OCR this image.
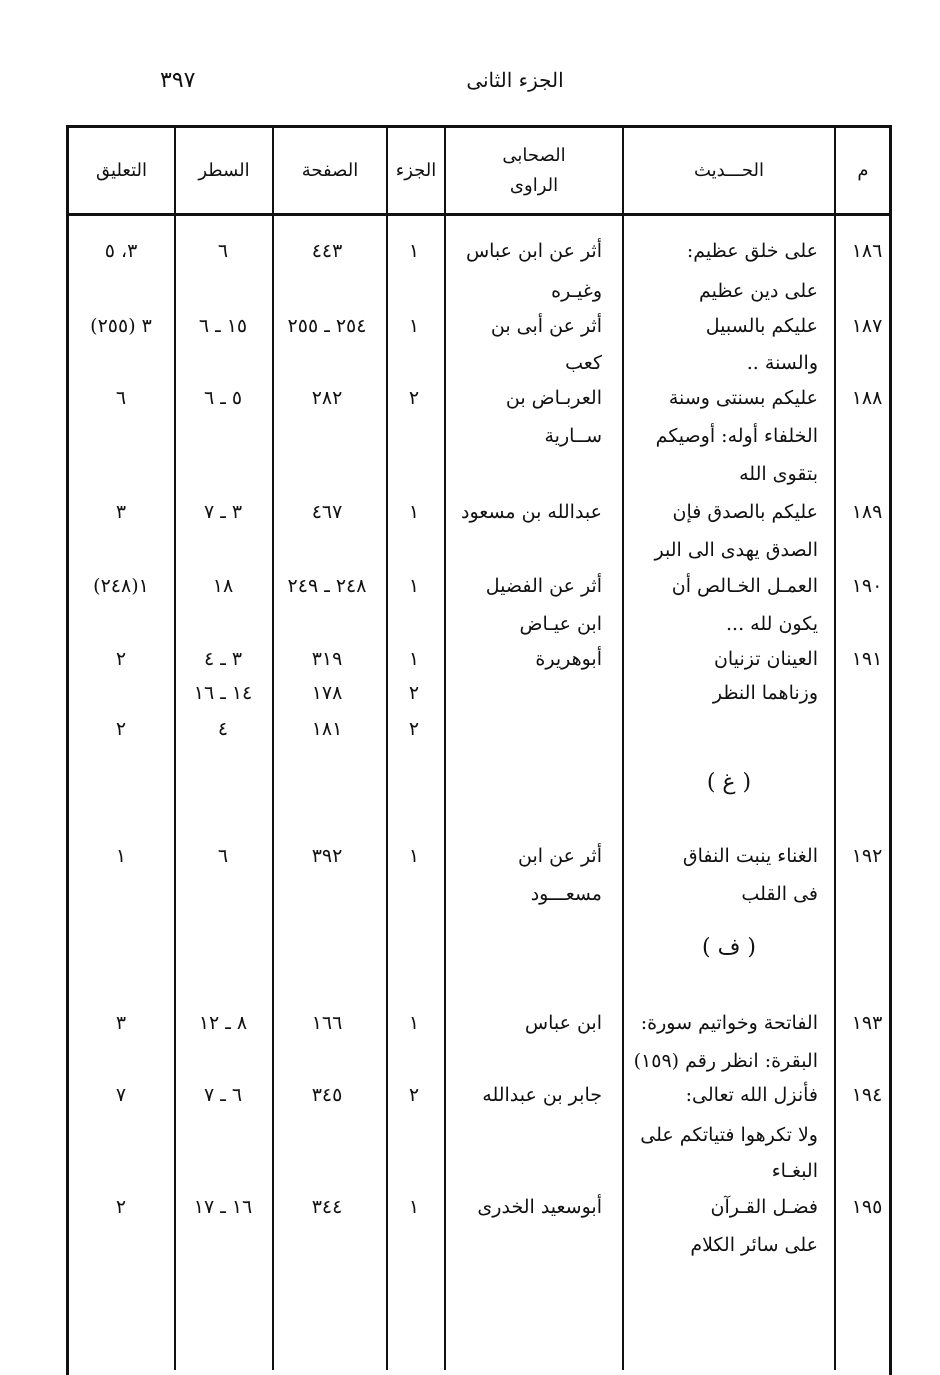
الجزء الثانى
٣٩٧
م
الحـــديث
الصحابى
الراوى
الجزء
الصفحة
السطر
التعليق
١٨٦
على خلق عظيم:
أثر عن ابن عباس
١
٤٤٣
٦
٣، ٥
على دين عظيم
وغيـره
١٨٧
عليكم بالسبيل
أثر عن أبى بن
١
٢٥٤ ـ ٢٥٥
١٥ ـ ٦
٣ (٢٥٥)
والسنة ..
كعب
١٨٨
عليكم بسنتى وسنة
العربـاض بن
٢
٢٨٢
٥ ـ ٦
٦
الخلفاء أوله: أوصيكم
ســارية
بتقوى الله
١٨٩
عليكم بالصدق فإن
عبدالله بن مسعود
١
٤٦٧
٣ ـ ٧
٣
الصدق يهدى الى البر
١٩٠
العمـل الخـالص أن
أثر عن الفضيل
١
٢٤٨ ـ ٢٤٩
١٨
١(٢٤٨)
يكون لله ...
ابن عيـاض
١٩١
العينان تزنيان
أبوهريرة
١
٣١٩
٣ ـ ٤
٢
وزناهما النظر
٢
١٧٨
١٤ ـ ١٦
٢
١٨١
٤
٢
١٩٢
الغناء ينبت النفاق
أثر عن ابن
١
٣٩٢
٦
١
فى القلب
مسعـــود
١٩٣
الفاتحة وخواتيم سورة:
ابن عباس
١
١٦٦
٨ ـ ١٢
٣
البقرة: انظر رقم (١٥٩)
١٩٤
فأنزل الله تعالى:
جابر بن عبدالله
٢
٣٤٥
٦ ـ ٧
٧
ولا تكرهوا فتياتكم على
البغـاء
١٩٥
فضـل القـرآن
أبوسعيد الخدرى
١
٣٤٤
١٦ ـ ١٧
٢
على سائر الكلام
( غ )
( ف )
